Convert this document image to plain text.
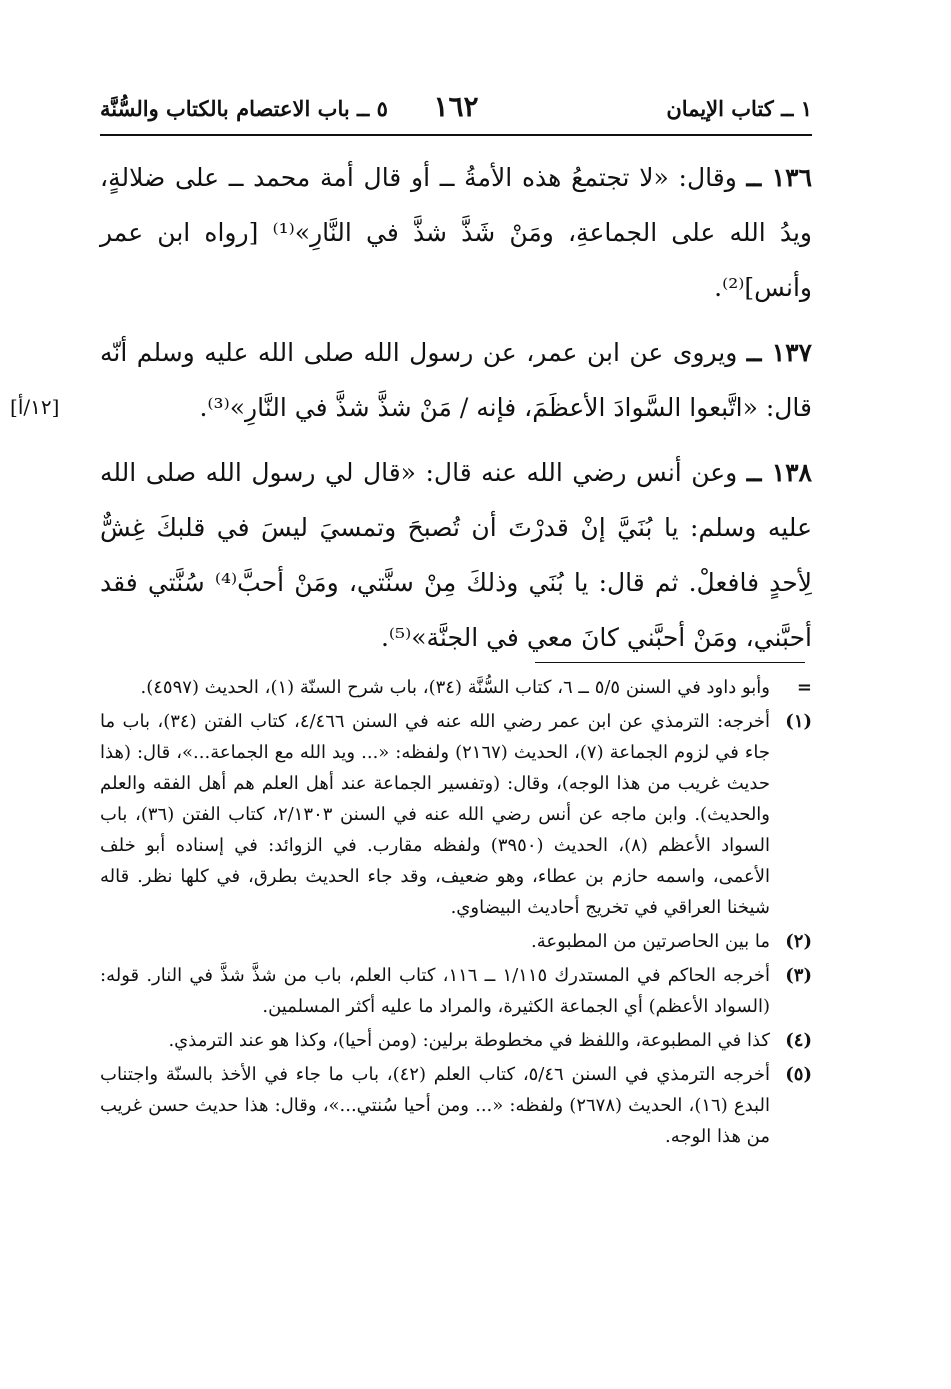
١ ــ كتاب الإيمان
١٦٢
٥ ــ باب الاعتصام بالكتاب والسُّنَّة

١٣٦ ــ وقال: «لا تجتمعُ هذه الأمةُ ــ أو قال أمة محمد ــ على ضلالةٍ، ويدُ الله على الجماعةِ، ومَنْ شَذَّ شذَّ في النَّارِ»⁽¹⁾ [رواه ابن عمر وأنس]⁽²⁾.

١٣٧ ــ ويروى عن ابن عمر، عن رسول الله صلى الله عليه وسلم أنّه قال: «اتَّبعوا السَّوادَ الأعظَمَ، فإنه / مَنْ شذَّ شذَّ في النَّارِ»⁽³⁾.
[١٢/أ]

١٣٨ ــ وعن أنس رضي الله عنه قال: «قال لي رسول الله صلى الله عليه وسلم: يا بُنَيَّ إنْ قدرْتَ أن تُصبحَ وتمسيَ ليسَ في قلبكَ غِشٌّ لِأحدٍ فافعلْ. ثم قال: يا بُنَي وذلكَ مِنْ سنَّتي، ومَنْ أحبَّ⁽⁴⁾ سُنَّتي فقد أحبَّني، ومَنْ أحبَّني كانَ معي في الجنَّة»⁽⁵⁾.

=وأبو داود في السنن ٥/٥ ــ ٦، كتاب السُّنَّة (٣٤)، باب شرح السنّة (١)، الحديث (٤٥٩٧).

(١)أخرجه: الترمذي عن ابن عمر رضي الله عنه في السنن ٤/٤٦٦، كتاب الفتن (٣٤)، باب ما جاء في لزوم الجماعة (٧)، الحديث (٢١٦٧) ولفظه: «... ويد الله مع الجماعة...»، قال: (هذا حديث غريب من هذا الوجه)، وقال: (وتفسير الجماعة عند أهل العلم هم أهل الفقه والعلم والحديث). وابن ماجه عن أنس رضي الله عنه في السنن ٢/١٣٠٣، كتاب الفتن (٣٦)، باب السواد الأعظم (٨)، الحديث (٣٩٥٠) ولفظه مقارب. في الزوائد: في إسناده أبو خلف الأعمى، واسمه حازم بن عطاء، وهو ضعيف، وقد جاء الحديث بطرق، في كلها نظر. قاله شيخنا العراقي في تخريج أحاديث البيضاوي.

(٢)ما بين الحاصرتين من المطبوعة.

(٣)أخرجه الحاكم في المستدرك ١/١١٥ ــ ١١٦، كتاب العلم، باب من شذَّ شذَّ في النار. قوله: (السواد الأعظم) أي الجماعة الكثيرة، والمراد ما عليه أكثر المسلمين.

(٤)كذا في المطبوعة، واللفظ في مخطوطة برلين: (ومن أحيا)، وكذا هو عند الترمذي.

(٥)أخرجه الترمذي في السنن ٥/٤٦، كتاب العلم (٤٢)، باب ما جاء في الأخذ بالسنّة واجتناب البدع (١٦)، الحديث (٢٦٧٨) ولفظه: «... ومن أحيا سُنتي...»، وقال: هذا حديث حسن غريب من هذا الوجه.
